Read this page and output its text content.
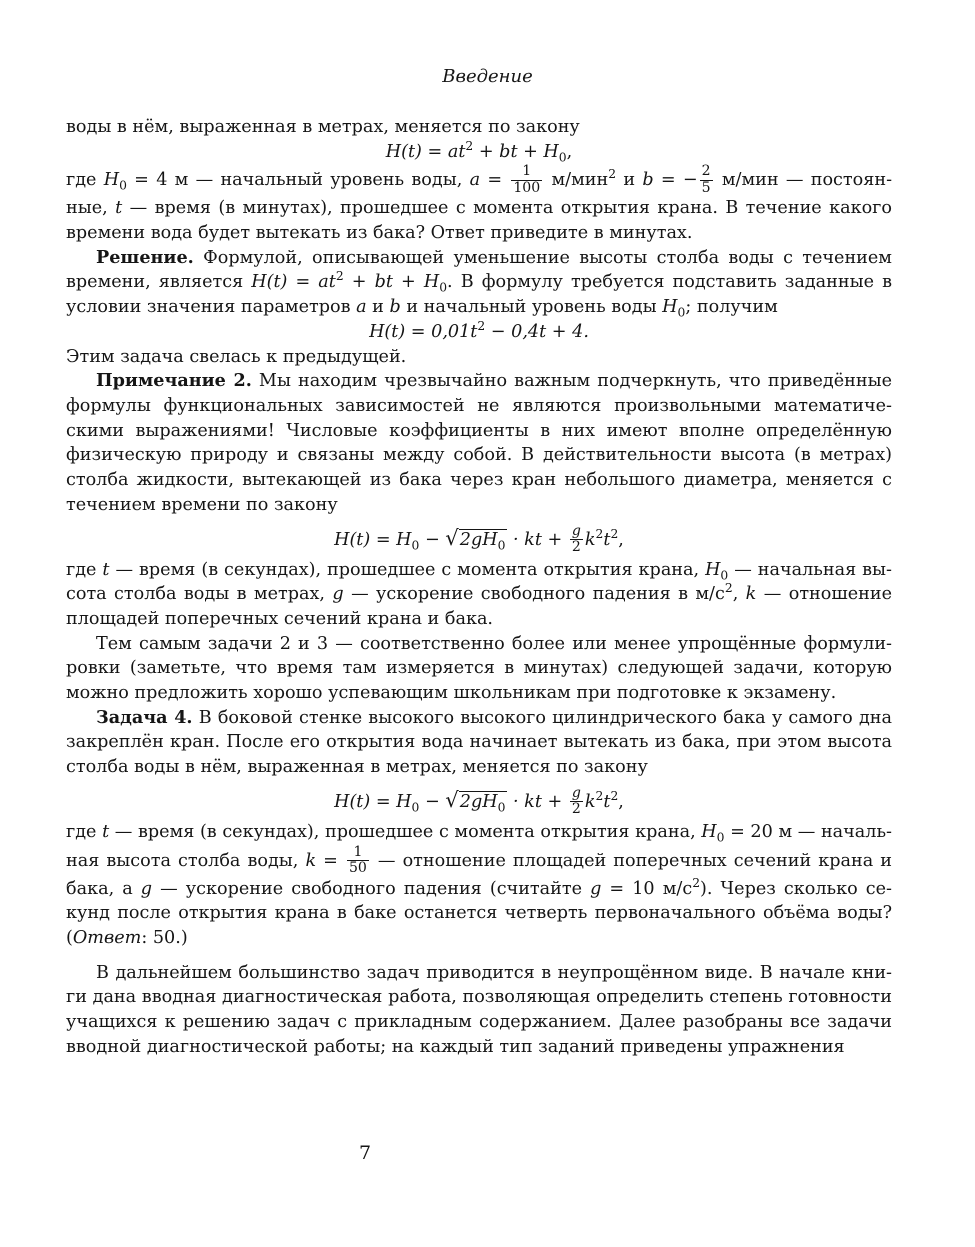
Введение

воды в нём, выраженная в метрах, меняется по закону

$H(t) = at^2$ + bt + $H_0$,

где $H_0 = 4$ м — начальный уровень воды, $a = \frac{1}{100} м/мин^2$ и b = − $\frac{2}{5} м/мин$ — постоянные, t — время (в минутах), прошедшее с момента открытия крана. В течение какого времени вода будет вытекать из бака? Ответ приведите в минутах.

Решение. Формулой, описывающей уменьшение высоты столба воды с течением времени, является $H(t) = at^2$ + bt + $H_0$. В формулу требуется подставить заданные в условии значения параметров a и b и начальный уровень воды $H_0$; получим

$H(t) = 0,01t^2 - 0,4t + 4$.

Этим задача свелась к предыдущей.

Примечание 2. Мы находим чрезвычайно важным подчеркнуть, что приведённые формулы функциональных зависимостей не являются произвольными математическими выражениями! Числовые коэффициенты в них имеют вполне определённую физическую природу и связаны между собой. В действительности высота (в метрах) столба жидкости, вытекающей из бака через кран небольшого диаметра, меняется с течением времени по закону

$H(t) = H_0 - √2gH_0$ · kt + $\frac{g}{2} k^2t^2$,

где t — время (в секундах), прошедшее с момента открытия крана, $H_0$ — начальная высота столба воды в метрах, g — ускорение свободного падения в $м/с^2$, k — отношение площадей поперечных сечений крана и бака.

Тем самым задачи 2 и 3 — соответственно более или менее упрощённые формулировки (заметьте, что время там измеряется в минутах) следующей задачи, которую можно предложить хорошо успевающим школьникам при подготовке к экзамену.

Задача 4. В боковой стенке высокого высокого цилиндрического бака у самого дна закреплён кран. После его открытия вода начинает вытекать из бака, при этом высота столба воды в нём, выраженная в метрах, меняется по закону

$H(t) = H_0 - √2gH_0$ · kt + $\frac{g}{2} k^2t^2$,

где t — время (в секундах), прошедшее с момента открытия крана, $H_0 = 20$ м — начальная высота столба воды, $k = \frac{1}{50}$ — отношение площадей поперечных сечений крана и бака, а g — ускорение свободного падения (считайте g = 10 $м/с^2$). Через сколько секунд после открытия крана в баке останется четверть первоначального объёма воды? (Ответ: 50.)

В дальнейшем большинство задач приводится в неупрощённом виде. В начале книги дана вводная диагностическая работа, позволяющая определить степень готовности учащихся к решению задач с прикладным содержанием. Далее разобраны все задачи вводной диагностической работы; на каждый тип заданий приведены упражнения

7
